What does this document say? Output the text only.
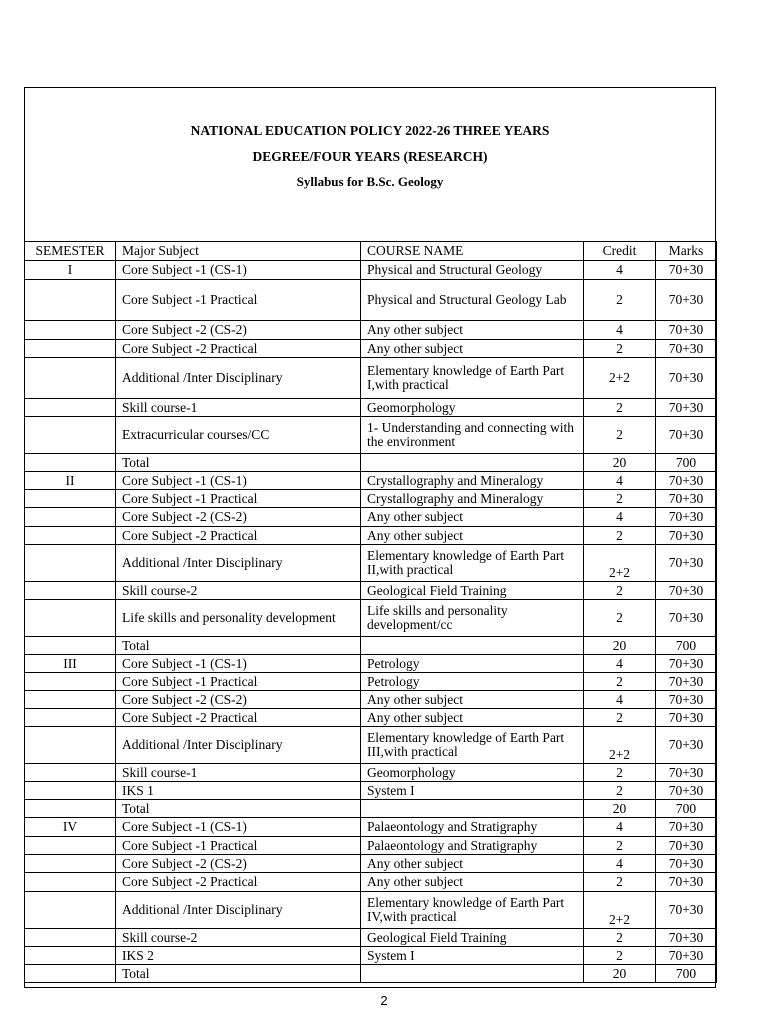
NATIONAL EDUCATION POLICY 2022-26 THREE YEARS
DEGREE/FOUR YEARS (RESEARCH)
Syllabus for B.Sc. Geology
SEMESTER	Major Subject	COURSE NAME	Credit	Marks
I	Core Subject -1 (CS-1)	Physical and Structural Geology	4	70+30
	Core Subject -1 Practical	Physical and Structural Geology Lab	2	70+30
	Core Subject -2 (CS-2)	Any other subject	4	70+30
	Core Subject -2 Practical	Any other subject	2	70+30
	Additional /Inter Disciplinary	Elementary knowledge of Earth Part I,with practical	2+2	70+30
	Skill course-1	Geomorphology	2	70+30
	Extracurricular courses/CC	1- Understanding and connecting with the environment	2	70+30
	Total		20	700
II	Core Subject -1 (CS-1)	Crystallography and Mineralogy	4	70+30
	Core Subject -1 Practical	Crystallography and Mineralogy	2	70+30
	Core Subject -2 (CS-2)	Any other subject	4	70+30
	Core Subject -2 Practical	Any other subject	2	70+30
	Additional /Inter Disciplinary	Elementary knowledge of Earth Part II,with practical	2+2	70+30
	Skill course-2	Geological Field Training	2	70+30
	Life skills and personality development	Life skills and personality development/cc	2	70+30
	Total		20	700
III	Core Subject -1 (CS-1)	Petrology	4	70+30
	Core Subject -1 Practical	Petrology	2	70+30
	Core Subject -2 (CS-2)	Any other subject	4	70+30
	Core Subject -2 Practical	Any other subject	2	70+30
	Additional /Inter Disciplinary	Elementary knowledge of Earth Part III,with practical	2+2	70+30
	Skill course-1	Geomorphology	2	70+30
	IKS 1	System I	2	70+30
	Total		20	700
IV	Core Subject -1 (CS-1)	Palaeontology and Stratigraphy	4	70+30
	Core Subject -1 Practical	Palaeontology and Stratigraphy	2	70+30
	Core Subject -2 (CS-2)	Any other subject	4	70+30
	Core Subject -2 Practical	Any other subject	2	70+30
	Additional /Inter Disciplinary	Elementary knowledge of Earth Part IV,with practical	2+2	70+30
	Skill course-2	Geological Field Training	2	70+30
	IKS 2	System I	2	70+30
	Total		20	700
2
